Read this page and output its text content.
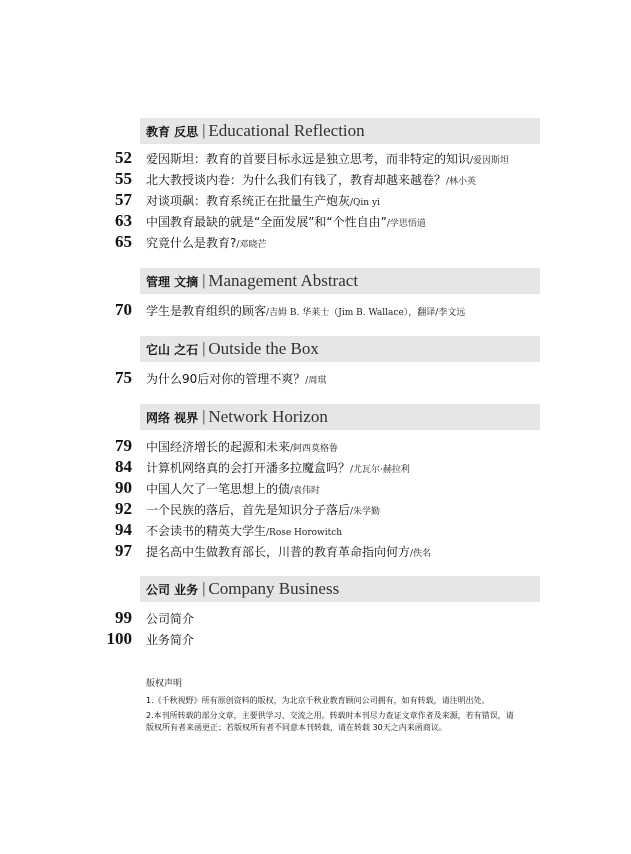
教育 反思 | Educational Reflection
52 爱因斯坦：教育的首要目标永远是独立思考，而非特定的知识/爱因斯坦
55 北大教授谈内卷：为什么我们有钱了，教育却越来越卷？/林小英
57 对谈项飙：教育系统正在批量生产炮灰/Qin yi
63 中国教育最缺的就是“全面发展”和“个性自由”/学思悟道
65 究竟什么是教育?/邓晓芒
管理 文摘 | Management Abstract
70 学生是教育组织的顾客/吉姆 B. 华莱士（Jim B. Wallace），翻译/李文远
它山 之石 | Outside the Box
75 为什么90后对你的管理不爽？/周琪
网络 视界 | Network Horizon
79 中国经济增长的起源和未来/阿西莫格鲁
84 计算机网络真的会打开潘多拉魔盒吗？/尤瓦尔·赫拉利
90 中国人欠了一笔思想上的债/袁伟时
92 一个民族的落后，首先是知识分子落后/朱学勤
94 不会读书的精英大学生/Rose Horowitch
97 提名高中生做教育部长，川普的教育革命指向何方/佚名
公司 业务 | Company Business
99 公司简介
100 业务简介
版权声明
1.《千秋视野》所有原创资料的版权，为北京千秋业教育顾问公司拥有，如有转载，请注明出处。
2.本刊所转载的部分文章，主要供学习、交流之用。转载时本刊尽力查证文章作者及来源，若有错误，请版权所有者来函更正；若版权所有者不同意本刊转载，请在转载 30天之内来函商议。
